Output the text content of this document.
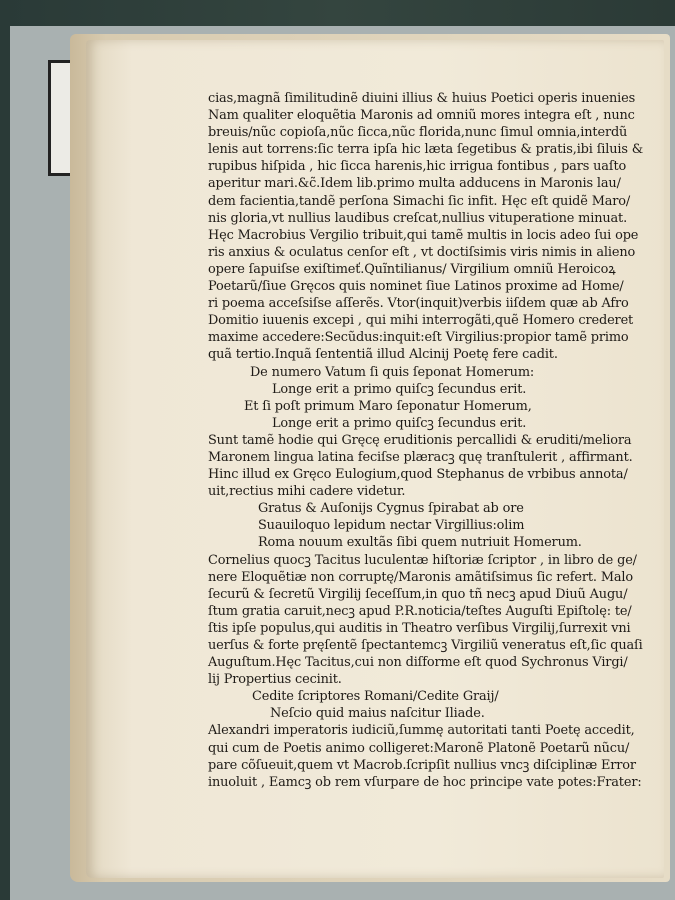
cias,magnã ſimilitudinẽ diuini illius & huius Poetici operis inuenies
Nam qualiter eloquẽtia Maronis ad omniũ mores integra eſt , nunc
breuis/nũc copioſa,nũc ſicca,nũc florida,nunc ſimul omnia,interdũ
lenis aut torrens:ſic terra ipſa hic læta ſegetibus & pratis,ibi ſiluis &
rupibus hiſpida , hic ſicca harenis,hic irrigua fontibus , pars uaſto
aperitur mari.&c̃.Idem lib.primo multa adducens in Maronis lau/
dem facientia,tandẽ perſona Simachi ſic infit. Hęc eſt quidẽ Maro/
nis gloria,vt nullius laudibus creſcat,nullius vituperatione minuat.
Hęc Macrobius Vergilio tribuit,qui tamẽ multis in locis adeo ſui ope
ris anxius & oculatus cenſor eſt , vt doctiſsimis viris nimis in alieno
opere ſapuiſse exiſtimeť.Quĩntilianus/ Virgilium omniũ Heroicoꝝ
Poetarũ/ſiue Gręcos quis nominet ſiue Latinos proxime ad Home/
ri poema acceſsiſse aſſerẽs. Vtor(inquit)verbis iiſdem quæ ab Afro
Domitio iuuenis excepi , qui mihi interrogãti,quẽ Homero crederet
maxime accedere:Secũdus:inquit:eſt Virgilius:propior tamẽ primo
quã tertio.Inquã ſententiã illud Alcinij Poetę fere cadit.
De numero Vatum ſi quis ſeponat Homerum:
Longe erit a primo quiſcꝫ ſecundus erit.
Et ſi poſt primum Maro ſeponatur Homerum,
Longe erit a primo quiſcꝫ ſecundus erit.
Sunt tamẽ hodie qui Gręcę eruditionis percallidi & eruditi/meliora
Maronem lingua latina feciſse plæracꝫ quę tranſtulerit , affirmant.
Hinc illud ex Gręco Eulogium,quod Stephanus de vrbibus annota/
uit,rectius mihi cadere videtur.
Gratus & Auſonijs Cygnus ſpirabat ab ore
Suauiloquo lepidum nectar Virgillius:olim
Roma nouum exultãs ſibi quem nutriuit Homerum.
Cornelius quocꝫ Tacitus luculentæ hiſtoriæ ſcriptor , in libro de ge/
nere Eloquẽtiæ non corruptę/Maronis amãtiſsimus ſic refert. Malo
ſecurũ & ſecretũ Virgilij ſeceſſum,in quo tñ necꝫ apud Diuũ Augu/
ſtum gratia caruit,necꝫ apud P.R.noticia/teſtes Auguſti Epiſtolę: te/
ſtis ipſe populus,qui auditis in Theatro verſibus Virgilij,ſurrexit vni
uerſus & forte pręſentẽ ſpectantemcꝫ Virgiliũ veneratus eſt,ſic quaſi
Auguſtum.Hęc Tacitus,cui non diſforme eſt quod Sychronus Virgi/
lij Propertius cecinit.
Cedite ſcriptores Romani/Cedite Graij/
Neſcio quid maius naſcitur Iliade.
Alexandri imperatoris iudiciũ,ſummę autoritati tanti Poetę accedit,
qui cum de Poetis animo colligeret:Maronẽ Platonẽ Poetarũ nũcu/
pare cõſueuit,quem vt Macrob.ſcripſit nullius vncꝫ diſciplinæ Error
inuoluit , Eamcꝫ ob rem vſurpare de hoc principe vate potes:Frater:
